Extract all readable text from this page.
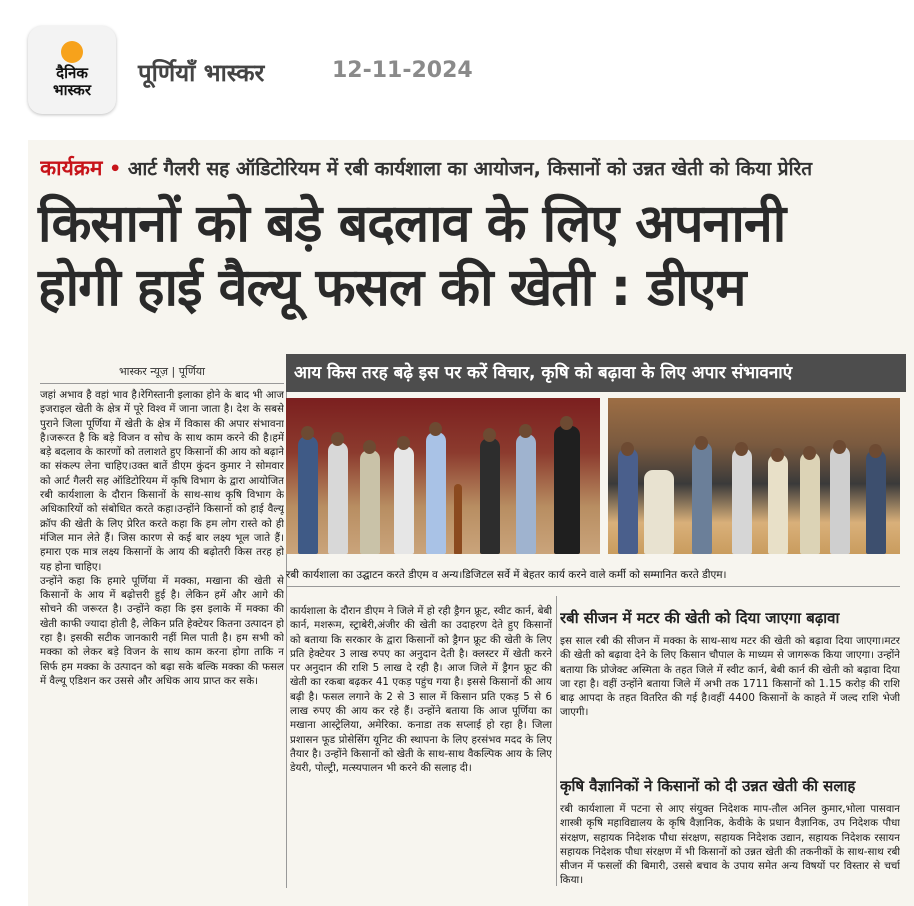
दैनिक
भास्कर
पूर्णियाँ भास्कर	12-11-2024
कार्यक्रम • आर्ट गैलरी सह ऑडिटोरियम में रबी कार्यशाला का आयोजन, किसानों को उन्नत खेती को किया प्रेरित
किसानों को बड़े बदलाव के लिए अपनानी
होगी हाई वैल्यू फसल की खेती : डीएम
भास्कर न्यूज़ | पूर्णिया

जहां अभाव है वहां भाव है।रेगिस्तानी इलाका होने के बाद भी आज इजराइल खेती के क्षेत्र में पूरे विश्व में जाना जाता है। देश के सबसे पुराने जिला पूर्णिया में खेती के क्षेत्र में विकास की अपार संभावना है।जरूरत है कि बड़े विजन व सोच के साथ काम करने की है।हमें बड़े बदलाव के कारणों को तलाशते हुए किसानों की आय को बढ़ाने का संकल्प लेना चाहिए।उक्त बातें डीएम कुंदन कुमार ने सोमवार को आर्ट गैलरी सह ऑडिटोरियम में कृषि विभाग के द्वारा आयोजित रबी कार्यशाला के दौरान किसानों के साथ-साथ कृषि विभाग के अधिकारियों को संबोधित करते कहा।उन्होंने किसानों को हाई वैल्यू क्रॉप की खेती के लिए प्रेरित करते कहा कि हम लोग रास्ते को ही मंजिल मान लेते हैं। जिस कारण से कई बार लक्ष्य भूल जाते हैं। हमारा एक मात्र लक्ष्य किसानों के आय की बढ़ोतरी किस तरह हो यह होना चाहिए।

उन्होंने कहा कि हमारे पूर्णिया में मक्का, मखाना की खेती से किसानों के आय में बढ़ोत्तरी हुई है। लेकिन हमें और आगे की सोचने की जरूरत है। उन्होंने कहा कि इस इलाके में मक्का की खेती काफी ज्यादा होती है, लेकिन प्रति हेक्टेयर कितना उत्पादन हो रहा है। इसकी सटीक जानकारी नहीं मिल पाती है। हम सभी को मक्का को लेकर बड़े विजन के साथ काम करना होगा ताकि न सिर्फ हम मक्का के उत्पादन को बढ़ा सके बल्कि मक्का की फसल में वैल्यू एडिशन कर उससे और अधिक आय प्राप्त कर सके।

आय किस तरह बढ़े इस पर करें विचार, कृषि को बढ़ावा के लिए अपार संभावनाएं
रबी कार्यशाला का उद्घाटन करते डीएम व अन्य।डिजिटल सर्वे में बेहतर कार्य करने वाले कर्मी को सम्मानित करते डीएम।
कार्यशाला के दौरान डीएम ने जिले में हो रही ड्रैगन फ्रूट, स्वीट कार्न, बेबी कार्न, मशरूम, स्ट्राबेरी,अंजीर की खेती का उदाहरण देते हुए किसानों को बताया कि सरकार के द्वारा किसानों को ड्रैगन फ्रूट की खेती के लिए प्रति हेक्टेयर 3 लाख रुपए का अनुदान देती है। क्लस्टर में खेती करने पर अनुदान की राशि 5 लाख दे रही है। आज जिले में ड्रैगन फ्रूट की खेती का रकबा बढ़कर 41 एकड़ पहुंच गया है। इससे किसानों की आय बढ़ी है। फसल लगाने के 2 से 3 साल में किसान प्रति एकड़ 5 से 6 लाख रुपए की आय कर रहे हैं। उन्होंने बताया कि आज पूर्णिया का मखाना आस्ट्रेलिया, अमेरिका. कनाडा तक सप्लाई हो रहा है। जिला प्रशासन फूड प्रोसेसिंग यूनिट की स्थापना के लिए हरसंभव मदद के लिए तैयार है। उन्होंने किसानों को खेती के साथ-साथ वैकल्पिक आय के लिए डेयरी, पोल्ट्री, मत्स्यपालन भी करने की सलाह दी।
रबी सीजन में मटर की खेती को दिया जाएगा बढ़ावा
इस साल रबी की सीजन में मक्का के साथ-साथ मटर की खेती को बढ़ावा दिया जाएगा।मटर की खेती को बढ़ावा देने के लिए किसान चौपाल के माध्यम से जागरूक किया जाएगा। उन्होंने बताया कि प्रोजेक्ट अस्मिता के तहत जिले में स्वीट कार्न, बेबी कार्न की खेती को बढ़ावा दिया जा रहा है। वहीं उन्होंने बताया जिले में अभी तक 1711 किसानों को 1.15 करोड़ की राशि बाढ़ आपदा के तहत वितरित की गई है।वहीं 4400 किसानों के काहते में जल्द राशि भेजी जाएगी।
कृषि वैज्ञानिकों ने किसानों को दी उन्नत खेती की सलाह
रबी कार्यशाला में पटना से आए संयुक्त निदेशक माप-तौल अनिल कुमार,भोला पासवान शास्त्री कृषि महाविद्यालय के कृषि वैज्ञानिक, केवीके के प्रधान वैज्ञानिक, उप निदेशक पौधा संरक्षण, सहायक निदेशक पौधा संरक्षण, सहायक निदेशक उद्यान, सहायक निदेशक रसायन सहायक निदेशक पौधा संरक्षण में भी किसानों को उन्नत खेती की तकनीकों के साथ-साथ रबी सीजन में फसलों की बिमारी, उससे बचाव के उपाय समेत अन्य विषयों पर विस्तार से चर्चा किया।
